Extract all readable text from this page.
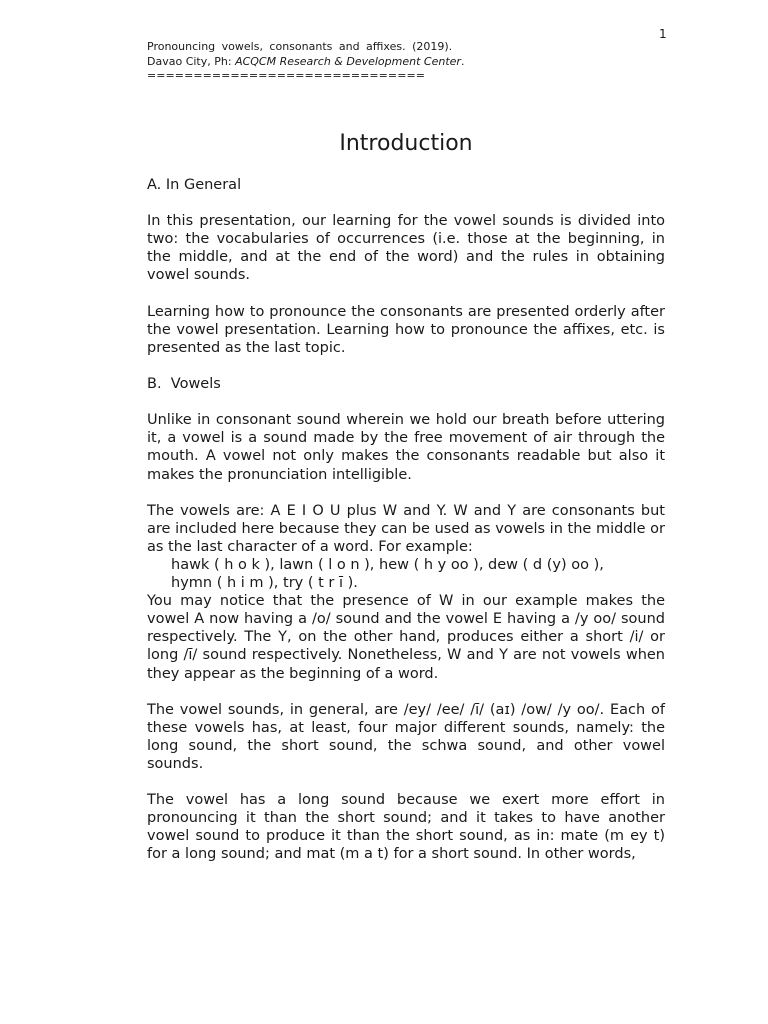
1
Pronouncing vowels, consonants and affixes. (2019).
Davao City, Ph: ACQCM Research & Development Center.
==============================
Introduction

A. In General

In this presentation, our learning for the vowel sounds is divided into two: the vocabularies of occurrences (i.e. those at the beginning, in the middle, and at the end of the word) and the rules in obtaining vowel sounds.

Learning how to pronounce the consonants are presented orderly after the vowel presentation. Learning how to pronounce the affixes, etc. is presented as the last topic.

B.  Vowels

Unlike in consonant sound wherein we hold our breath before uttering it, a vowel is a sound made by the free movement of air through the mouth. A vowel not only makes the consonants readable but also it makes the pronunciation intelligible.

The vowels are: A E I O U plus W and Y. W and Y are consonants but are included here because they can be used as vowels in the middle or as the last character of a word. For example:

hawk ( h o k ), lawn ( l o n ), hew ( h y oo ), dew ( d (y) oo ),

hymn ( h i m ), try ( t r ī ).

You may notice that the presence of W in our example makes the vowel A now having a /o/ sound and the vowel E having a /y oo/ sound respectively. The Y, on the other hand, produces either a short /i/ or long /ī/ sound respectively. Nonetheless, W and Y are not vowels when they appear as the beginning of a word.

The vowel sounds, in general, are /ey/ /ee/ /ī/ (aɪ) /ow/ /y oo/. Each of these vowels has, at least, four major different sounds, namely: the long sound, the short sound, the schwa sound, and other vowel sounds.

The vowel has a long sound because we exert more effort in pronouncing it than the short sound; and it takes to have another vowel sound to produce it than the short sound, as in: mate (m ey t) for a long sound; and mat (m a t) for a short sound. In other words,
